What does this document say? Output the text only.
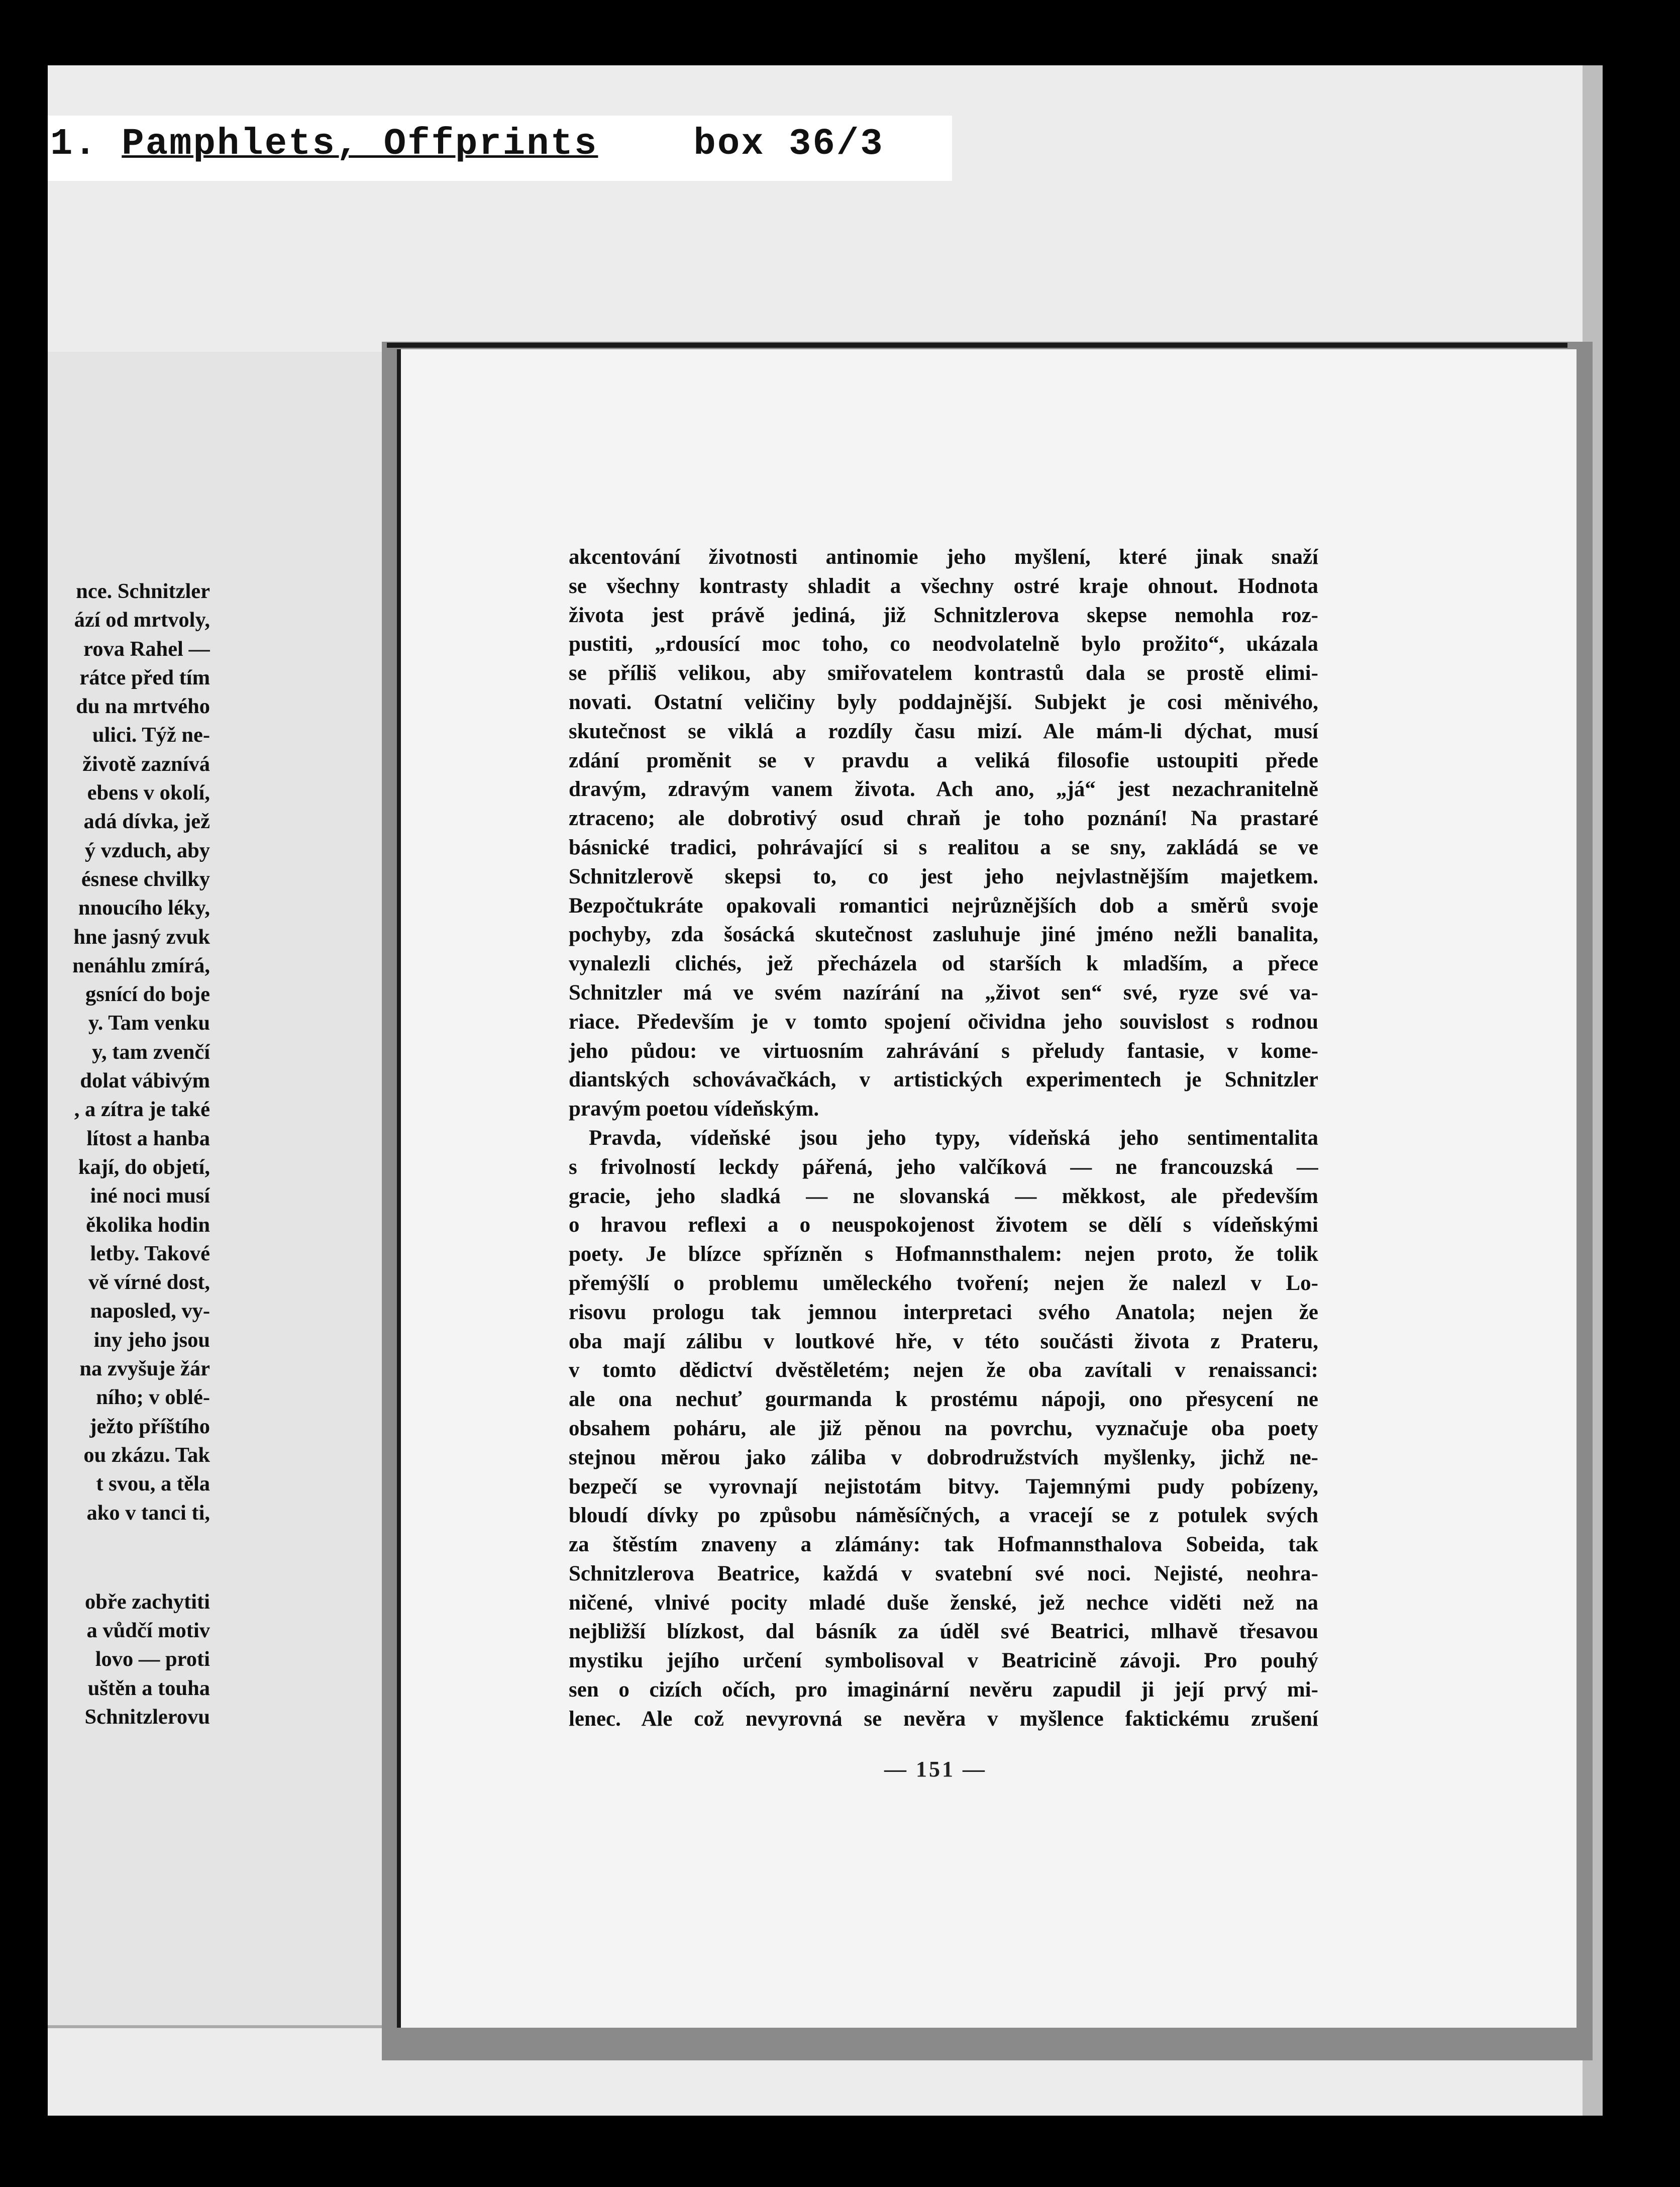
1. Pamphlets, Offprints	box 36/3
nce. Schnitzler
ází od mrtvoly,
rova Rahel —
rátce před tím
du na mrtvého
ulici. Týž ne-
životě zaznívá
ebens v okolí,
adá dívka, jež
ý vzduch, aby
ésnese chvilky
nnoucího léky,
hne jasný zvuk
nenáhlu zmírá,
gsnící do boje
y. Tam venku
y, tam zvenčí
dolat vábivým
, a zítra je také
lítost a hanba
kají, do objetí,
iné noci musí
ěkolika hodin
letby. Takové
vě vírné dost,
naposled, vy-
iny jeho jsou
na zvyšuje žár
ního; v oblé-
ježto příštího
ou zkázu. Tak
t svou, a těla
ako v tanci ti,
obře zachytiti
a vůdčí motiv
lovo — proti
uštěn a touha
Schnitzlerovu
akcentování životnosti antinomie jeho myšlení, které jinak snaží
se všechny kontrasty shladit a všechny ostré kraje ohnout. Hodnota
života jest právě jediná, již Schnitzlerova skepse nemohla roz-
pustiti, „rdousící moc toho, co neodvolatelně bylo prožito“, ukázala
se příliš velikou, aby smiřovatelem kontrastů dala se prostě elimi-
novati. Ostatní veličiny byly poddajnější. Subjekt je cosi měnivého,
skutečnost se viklá a rozdíly času mizí. Ale mám-li dýchat, musí
zdání proměnit se v pravdu a veliká filosofie ustoupiti přede
dravým, zdravým vanem života. Ach ano, „já“ jest nezachranitelně
ztraceno; ale dobrotivý osud chraň je toho poznání! Na prastaré
básnické tradici, pohrávající si s realitou a se sny, zakládá se ve
Schnitzlerově skepsi to, co jest jeho nejvlastnějším majetkem.
Bezpočtukráte opakovali romantici nejrůznějších dob a směrů svoje
pochyby, zda šosácká skutečnost zasluhuje jiné jméno nežli banalita,
vynalezli clichés, jež přecházela od starších k mladším, a přece
Schnitzler má ve svém nazírání na „život sen“ své, ryze své va-
riace. Především je v tomto spojení očividna jeho souvislost s rodnou
jeho půdou: ve virtuosním zahrávání s přeludy fantasie, v kome-
diantských schovávačkách, v artistických experimentech je Schnitzler
pravým poetou vídeňským.
Pravda, vídeňské jsou jeho typy, vídeňská jeho sentimentalita
s frivolností leckdy pářená, jeho valčíková — ne francouzská —
gracie, jeho sladká — ne slovanská — měkkost, ale především
o hravou reflexi a o neuspokojenost životem se dělí s vídeňskými
poety. Je blízce spřízněn s Hofmannsthalem: nejen proto, že tolik
přemýšlí o problemu uměleckého tvoření; nejen že nalezl v Lo-
risovu prologu tak jemnou interpretaci svého Anatola; nejen že
oba mají zálibu v loutkové hře, v této součásti života z Prateru,
v tomto dědictví dvěstěletém; nejen že oba zavítali v renaissanci:
ale ona nechuť gourmanda k prostému nápoji, ono přesycení ne
obsahem poháru, ale již pěnou na povrchu, vyznačuje oba poety
stejnou měrou jako záliba v dobrodružstvích myšlenky, jichž ne-
bezpečí se vyrovnají nejistotám bitvy. Tajemnými pudy pobízeny,
bloudí dívky po způsobu náměsíčných, a vracejí se z potulek svých
za štěstím znaveny a zlámány: tak Hofmannsthalova Sobeida, tak
Schnitzlerova Beatrice, každá v svatební své noci. Nejisté, neohra-
ničené, vlnivé pocity mladé duše ženské, jež nechce viděti než na
nejbližší blízkost, dal básník za úděl své Beatrici, mlhavě třesavou
mystiku jejího určení symbolisoval v Beatricině závoji. Pro pouhý
sen o cizích očích, pro imaginární nevěru zapudil ji její prvý mi-
lenec. Ale což nevyrovná se nevěra v myšlence faktickému zrušení
— 151 —
